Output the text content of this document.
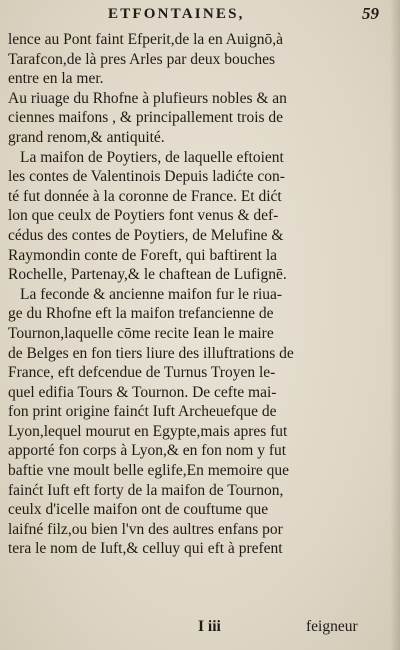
ETFONTAINES,	59
lence au Pont faint Efperit,de la en Auignō,à
Tarafcon,de là pres Arles par deux bouches
entre en la mer.
Au riuage du Rhofne à plufieurs nobles & an
ciennes maifons , & principallement trois de
grand renom,& antiquité.
La maifon de Poytiers, de laquelle eftoient
les contes de Valentinois Depuis ladićte con-
té fut donnée à la coronne de France. Et dićt
lon que ceulx de Poytiers font venus & def-
cédus des contes de Poytiers, de Melufine &
Raymondin conte de Foreft, qui baftirent la
Rochelle, Partenay,& le chaftean de Lufignē.
La feconde & ancienne maifon fur le riua-
ge du Rhofne eft la maifon trefancienne de
Tournon,laquelle cōme recite Iean le maire
de Belges en fon tiers liure des illuftrations de
France, eft defcendue de Turnus Troyen le-
quel edifia Tours & Tournon. De cefte mai-
fon print origine fainćt Iuft Archeuefque de
Lyon,lequel mourut en Egypte,mais apres fut
apporté fon corps à Lyon,& en fon nom y fut
baftie vne moult belle eglife,En memoire que
fainćt Iuft eft forty de la maifon de Tournon,
ceulx d'icelle maifon ont de couftume que
laifné filz,ou bien l'vn des aultres enfans por
tera le nom de Iuft,& celluy qui eft à prefent
I iii	feigneur
